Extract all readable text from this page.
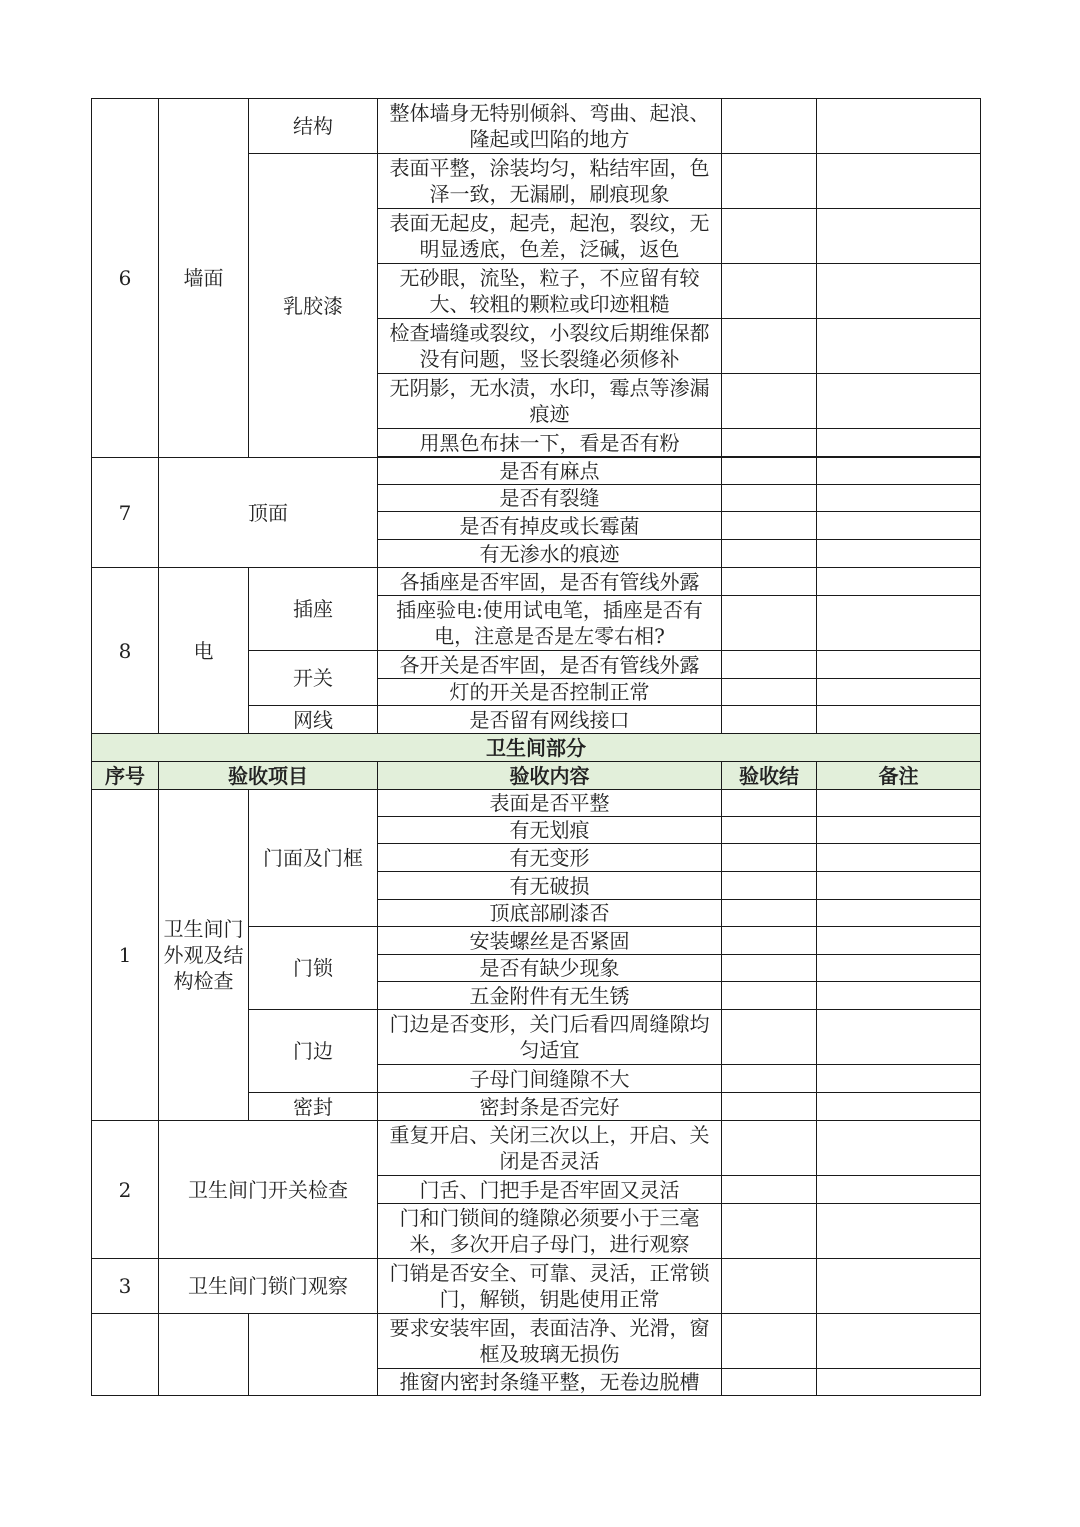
6	墙面	结构	整体墙身无特别倾斜、弯曲、起浪、隆起或凹陷的地方			
		乳胶漆	表面平整，涂装均匀，粘结牢固，色泽一致，无漏刷，刷痕现象			
			表面无起皮，起壳，起泡，裂纹，无明显透底，色差，泛碱，返色			
			无砂眼，流坠，粒子，不应留有较大、较粗的颗粒或印迹粗糙			
			检查墙缝或裂纹，小裂纹后期维保都没有问题，竖长裂缝必须修补			
			无阴影，无水渍，水印，霉点等渗漏痕迹			
			用黑色布抹一下，看是否有粉			

7	顶面		是否有麻点			
			是否有裂缝			
			是否有掉皮或长霉菌			
			有无渗水的痕迹			
8	电	插座	各插座是否牢固，是否有管线外露			
			插座验电:使用试电笔，插座是否有电，注意是否是左零右相?			
		开关	各开关是否牢固，是否有管线外露			
			灯的开关是否控制正常			
		网线	是否留有网线接口			
卫生间部分						
序号	验收项目		验收内容	验收结	备注	
1	卫生间门外观及结构检查	门面及门框	表面是否平整			
			有无划痕			
			有无变形			
			有无破损			
			顶底部刷漆否			
		门锁	安装螺丝是否紧固			
			是否有缺少现象			
			五金附件有无生锈			
		门边	门边是否变形，关门后看四周缝隙均匀适宜			
			子母门间缝隙不大			
		密封	密封条是否完好			
2	卫生间门开关检查		重复开启、关闭三次以上，开启、关闭是否灵活			
			门舌、门把手是否牢固又灵活			
			门和门锁间的缝隙必须要小于三毫米，多次开启子母门，进行观察			
3	卫生间门锁门观察		门销是否安全、可靠、灵活，正常锁门，解锁，钥匙使用正常			
			要求安装牢固，表面洁净、光滑，窗框及玻璃无损伤			
			推窗内密封条缝平整，无卷边脱槽			
